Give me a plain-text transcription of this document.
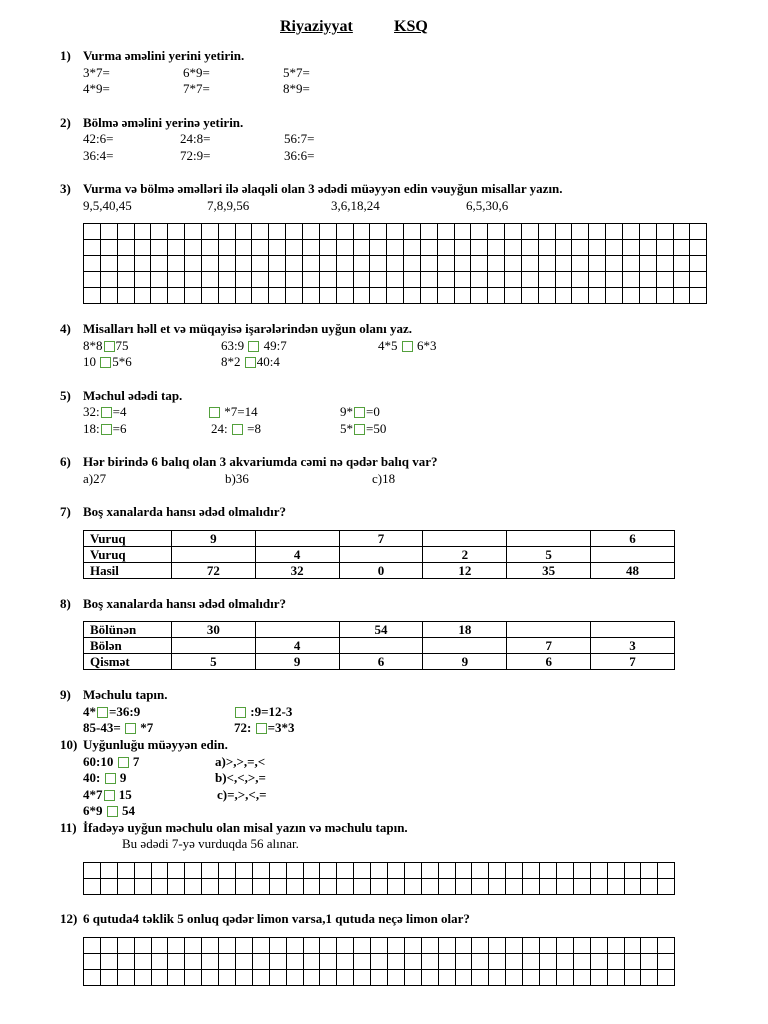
Riyaziyyat	KSQ
1) Vurma əməlini yerini yetirin.
3*7=	6*9=	5*7=
4*9=	7*7=	8*9=
2) Bölmə əməlini yerinə yetirin.
42:6=	24:8=	56:7=
36:4=	72:9=	36:6=
3) Vurma və bölmə əməlləri ilə əlaqəli olan 3 ədədi müəyyən edin vəuyğun misallar yazın.
9,5,40,45	7,8,9,56	3,6,18,24	6,5,30,6
4) Misalları həll et və müqayisə işarələrindən uyğun olanı yaz.
8*8 75	63:9 49:7	4*5 6*3
10 5*6	8*2 40:4
5) Məchul ədədi tap.
32: =4	*7=14	9* =0
18: =6	24:  =8	5* =50
6) Hər birində 6 balıq olan 3 akvariumda cəmi nə qədər balıq var?
a)27	b)36	c)18
7) Boş xanalarda hansı ədəd olmalıdır?
Vuruq	9		7			6
Vuruq		4		2	5	
Hasil	72	32	0	12	35	48
8) Boş xanalarda hansı ədəd olmalıdır?
Bölünən	30		54	18		
Bölən		4			7	3
Qismət	5	9	6	9	6	7
9) Məchulu tapın.
4* =36:9	:9=12-3
85-43=  *7	72: =3*3
10) Uyğunluğu müəyyən edin.
60:10  7
40:  9
4*7 15
6*9  54
a)>,>,=,<
b)<,<,>,=
c)=,>,<,=
11) İfadəyə uyğun məchulu olan misal yazın və məchulu tapın.
Bu ədədi 7-yə vurduqda 56 alınar.
12) 6 qutuda4 təklik 5 onluq qədər limon varsa,1 qutuda neçə limon olar?
